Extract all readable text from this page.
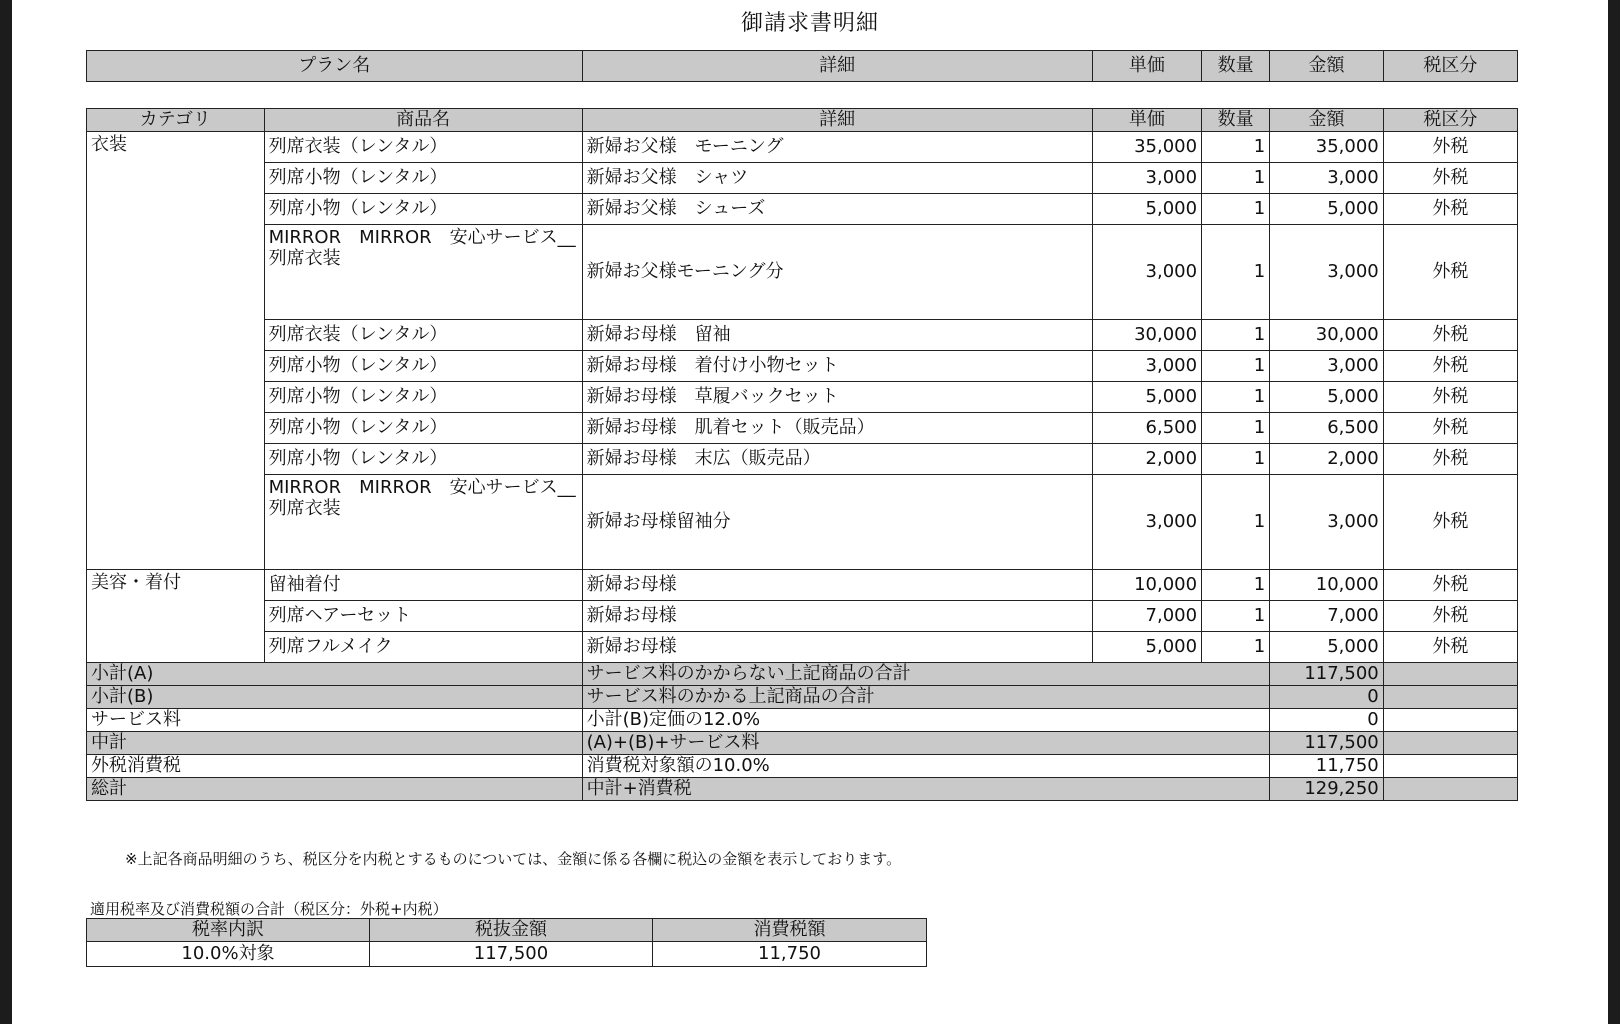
御請求書明細
プラン名	詳細	単価	数量	金額	税区分
カテゴリ	商品名	詳細	単価	数量	金額	税区分
衣装	列席衣装（レンタル）	新婦お父様　モーニング	35,000	1	35,000	外税
	列席小物（レンタル）	新婦お父様　シャツ	3,000	1	3,000	外税
	列席小物（レンタル）	新婦お父様　シューズ	5,000	1	5,000	外税
	MIRROR　MIRROR　安心サービス__列席衣装	新婦お父様モーニング分	3,000	1	3,000	外税
	列席衣装（レンタル）	新婦お母様　留袖	30,000	1	30,000	外税
	列席小物（レンタル）	新婦お母様　着付け小物セット	3,000	1	3,000	外税
	列席小物（レンタル）	新婦お母様　草履バックセット	5,000	1	5,000	外税
	列席小物（レンタル）	新婦お母様　肌着セット（販売品）	6,500	1	6,500	外税
	列席小物（レンタル）	新婦お母様　末広（販売品）	2,000	1	2,000	外税
	MIRROR　MIRROR　安心サービス__列席衣装	新婦お母様留袖分	3,000	1	3,000	外税
美容・着付	留袖着付	新婦お母様	10,000	1	10,000	外税
	列席ヘアーセット	新婦お母様	7,000	1	7,000	外税
	列席フルメイク	新婦お母様	5,000	1	5,000	外税
小計(A)		サービス料のかからない上記商品の合計			117,500	
小計(B)		サービス料のかかる上記商品の合計			0	
サービス料		小計(B)定価の12.0%			0	
中計		(A)+(B)+サービス料			117,500	
外税消費税		消費税対象額の10.0%			11,750	
総計		中計+消費税			129,250	
※上記各商品明細のうち、税区分を内税とするものについては、金額に係る各欄に税込の金額を表示しております。
適用税率及び消費税額の合計（税区分：外税+内税）
税率内訳	税抜金額	消費税額
10.0%対象	117,500	11,750
